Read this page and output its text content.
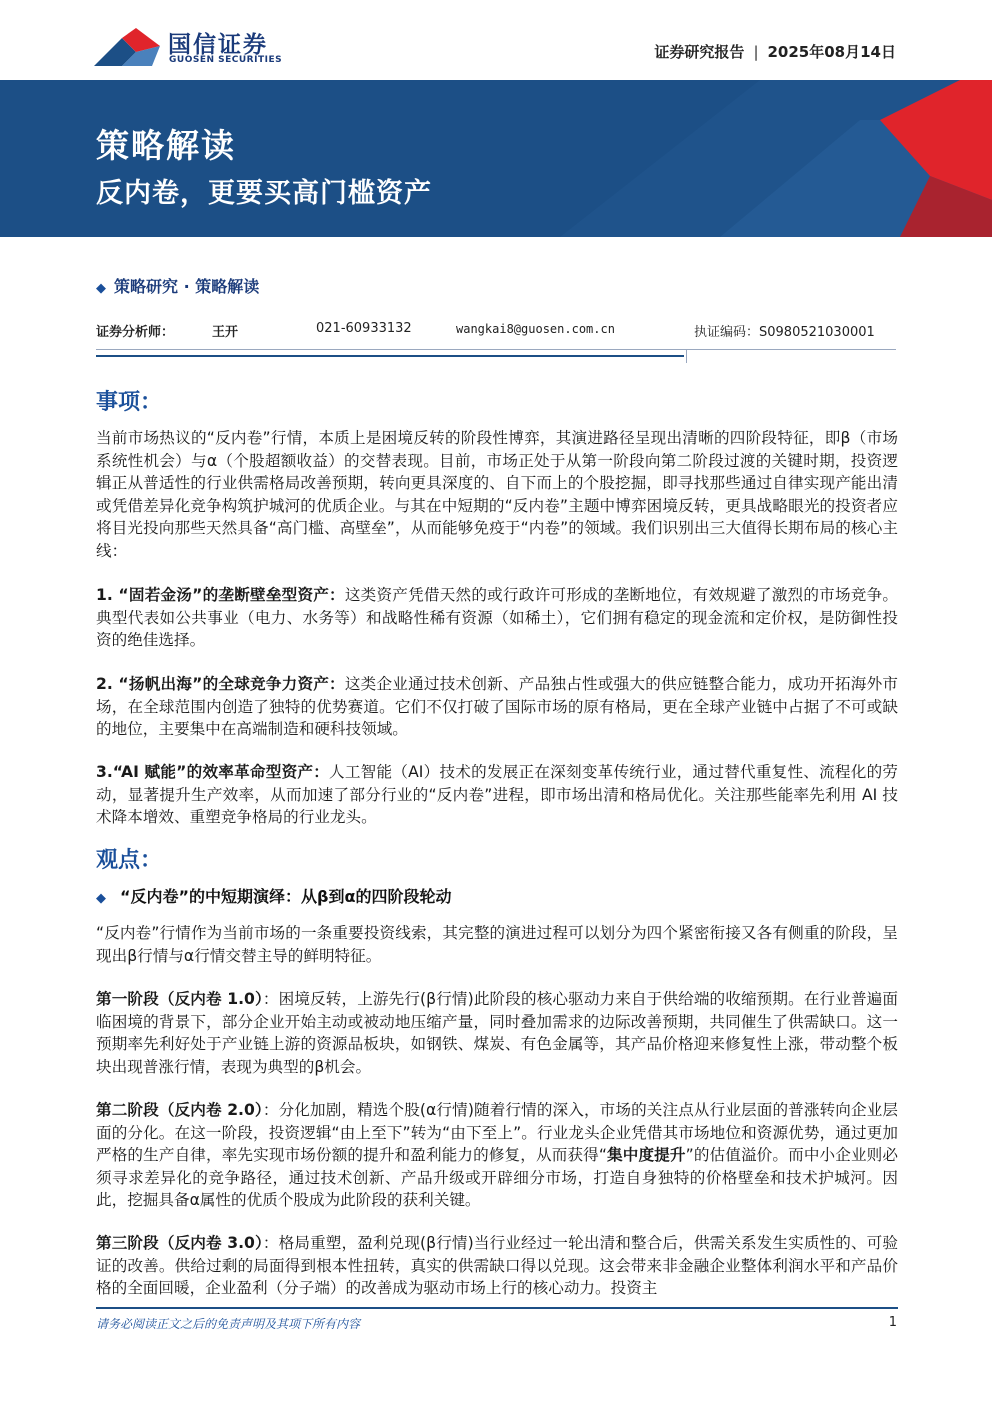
国信证券
GUOSEN SECURITIES	证券研究报告 | 2025年08月14日
策略解读
反内卷，更要买高门槛资产
◆ 策略研究 · 策略解读
证券分析师：	王开	021-60933132	wangkai8@guosen.com.cn	执证编码：S0980521030001
事项：
当前市场热议的“反内卷”行情，本质上是困境反转的阶段性博弈，其演进路径呈现出清晰的四阶段特征，即β（市场系统性机会）与α（个股超额收益）的交替表现。目前，市场正处于从第一阶段向第二阶段过渡的关键时期，投资逻辑正从普适性的行业供需格局改善预期，转向更具深度的、自下而上的个股挖掘，即寻找那些通过自律实现产能出清或凭借差异化竞争构筑护城河的优质企业。与其在中短期的“反内卷”主题中博弈困境反转，更具战略眼光的投资者应将目光投向那些天然具备“高门槛、高壁垒”，从而能够免疫于“内卷”的领域。我们识别出三大值得长期布局的核心主线：
1. “固若金汤”的垄断壁垒型资产：这类资产凭借天然的或行政许可形成的垄断地位，有效规避了激烈的市场竞争。典型代表如公共事业（电力、水务等）和战略性稀有资源（如稀土），它们拥有稳定的现金流和定价权，是防御性投资的绝佳选择。
2. “扬帆出海”的全球竞争力资产：这类企业通过技术创新、产品独占性或强大的供应链整合能力，成功开拓海外市场，在全球范围内创造了独特的优势赛道。它们不仅打破了国际市场的原有格局，更在全球产业链中占据了不可或缺的地位，主要集中在高端制造和硬科技领域。
3.“AI 赋能”的效率革命型资产：人工智能（AI）技术的发展正在深刻变革传统行业，通过替代重复性、流程化的劳动，显著提升生产效率，从而加速了部分行业的“反内卷”进程，即市场出清和格局优化。关注那些能率先利用 AI 技术降本增效、重塑竞争格局的行业龙头。
观点：
◆ “反内卷”的中短期演绎：从β到α的四阶段轮动
“反内卷”行情作为当前市场的一条重要投资线索，其完整的演进过程可以划分为四个紧密衔接又各有侧重的阶段，呈现出β行情与α行情交替主导的鲜明特征。
第一阶段（反内卷 1.0）：困境反转，上游先行(β行情)此阶段的核心驱动力来自于供给端的收缩预期。在行业普遍面临困境的背景下，部分企业开始主动或被动地压缩产量，同时叠加需求的边际改善预期，共同催生了供需缺口。这一预期率先利好处于产业链上游的资源品板块，如钢铁、煤炭、有色金属等，其产品价格迎来修复性上涨，带动整个板块出现普涨行情，表现为典型的β机会。
第二阶段（反内卷 2.0）：分化加剧，精选个股(α行情)随着行情的深入，市场的关注点从行业层面的普涨转向企业层面的分化。在这一阶段，投资逻辑“由上至下”转为“由下至上”。行业龙头企业凭借其市场地位和资源优势，通过更加严格的生产自律，率先实现市场份额的提升和盈利能力的修复，从而获得“集中度提升”的估值溢价。而中小企业则必须寻求差异化的竞争路径，通过技术创新、产品升级或开辟细分市场，打造自身独特的价格壁垒和技术护城河。因此，挖掘具备α属性的优质个股成为此阶段的获利关键。
第三阶段（反内卷 3.0）：格局重塑，盈利兑现(β行情)当行业经过一轮出清和整合后，供需关系发生实质性的、可验证的改善。供给过剩的局面得到根本性扭转，真实的供需缺口得以兑现。这会带来非金融企业整体利润水平和产品价格的全面回暖，企业盈利（分子端）的改善成为驱动市场上行的核心动力。投资主
请务必阅读正文之后的免责声明及其项下所有内容	1
